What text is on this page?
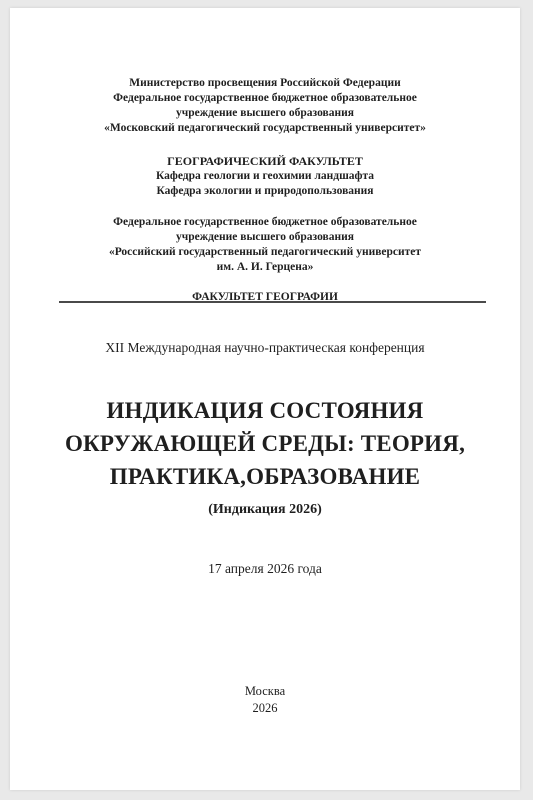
Министерство просвещения Российской Федерации
Федеральное государственное бюджетное образовательное
учреждение высшего образования
«Московский педагогический государственный университет»
ГЕОГРАФИЧЕСКИЙ ФАКУЛЬТЕТ
Кафедра геологии и геохимии ландшафта
Кафедра экологии и природопользования
Федеральное государственное бюджетное образовательное
учреждение высшего образования
«Российский государственный педагогический университет
им. А. И. Герцена»
ФАКУЛЬТЕТ ГЕОГРАФИИ
XII Международная научно-практическая конференция
ИНДИКАЦИЯ СОСТОЯНИЯ
ОКРУЖАЮЩЕЙ СРЕДЫ: ТЕОРИЯ,
ПРАКТИКА,ОБРАЗОВАНИЕ
(Индикация 2026)
17 апреля 2026 года
Москва
2026
